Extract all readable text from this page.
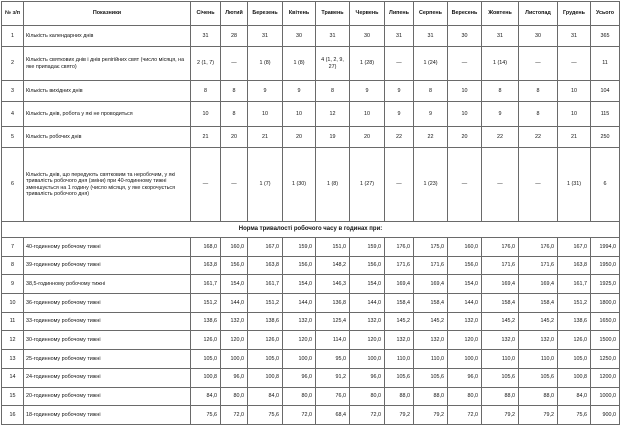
№ з/п	Показники	Січень	Лютий	Березень	Квітень	Травень	Червень	Липень	Серпень	Вересень	Жовтень	Листопад	Грудень	Усього
1	Кількість календарних днів	31	28	31	30	31	30	31	31	30	31	30	31	365
2	Кількість святкових днів і днів релігійних свят (число місяця, на яке припадає свято)	2 (1, 7)	—	1 (8)	1 (8)	4 (1, 2, 9, 27)	1 (28)	—	1 (24)	—	1 (14)	—	—	11
3	Кількість вихідних днів	8	8	9	9	8	9	9	8	10	8	8	10	104
4	Кількість днів, робота у які не проводиться	10	8	10	10	12	10	9	9	10	9	8	10	115
5	Кількість робочих днів	21	20	21	20	19	20	22	22	20	22	22	21	250
6	Кількість днів, що передують святковим та неробочим, у які тривалість робочого дня (зміни) при 40-годинному тижні зменшується на 1 годину (число місяця, у яке скорочується тривалість робочого дня)	—	—	1 (7)	1 (30)	1 (8)	1 (27)	—	1 (23)	—	—	—	1 (31)	6
Норма тривалості робочого часу в годинах при:														
7	40-годинному робочому тижні	168,0	160,0	167,0	159,0	151,0	159,0	176,0	175,0	160,0	176,0	176,0	167,0	1994,0
8	39-годинному робочому тижні	163,8	156,0	163,8	156,0	148,2	156,0	171,6	171,6	156,0	171,6	171,6	163,8	1950,0
9	38,5-годинному робочому тижні	161,7	154,0	161,7	154,0	146,3	154,0	169,4	169,4	154,0	169,4	169,4	161,7	1925,0
10	36-годинному робочому тижні	151,2	144,0	151,2	144,0	136,8	144,0	158,4	158,4	144,0	158,4	158,4	151,2	1800,0
11	33-годинному робочому тижні	138,6	132,0	138,6	132,0	125,4	132,0	145,2	145,2	132,0	145,2	145,2	138,6	1650,0
12	30-годинному робочому тижні	126,0	120,0	126,0	120,0	114,0	120,0	132,0	132,0	120,0	132,0	132,0	126,0	1500,0
13	25-годинному робочому тижні	105,0	100,0	105,0	100,0	95,0	100,0	110,0	110,0	100,0	110,0	110,0	105,0	1250,0
14	24-годинному робочому тижні	100,8	96,0	100,8	96,0	91,2	96,0	105,6	105,6	96,0	105,6	105,6	100,8	1200,0
15	20-годинному робочому тижні	84,0	80,0	84,0	80,0	76,0	80,0	88,0	88,0	80,0	88,0	88,0	84,0	1000,0
16	18-годинному робочому тижні	75,6	72,0	75,6	72,0	68,4	72,0	79,2	79,2	72,0	79,2	79,2	75,6	900,0
